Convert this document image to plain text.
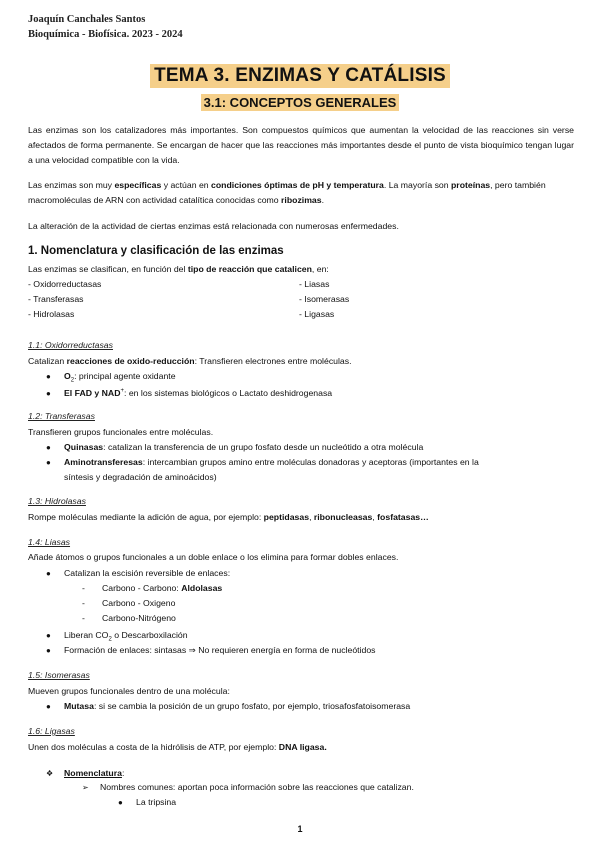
Joaquín Canchales Santos
Bioquímica - Biofísica. 2023 - 2024
TEMA 3. ENZIMAS Y CATÁLISIS
3.1: CONCEPTOS GENERALES
Las enzimas son los catalizadores más importantes. Son compuestos químicos que aumentan la velocidad de las reacciones sin verse afectados de forma permanente. Se encargan de hacer que las reacciones más importantes desde el punto de vista bioquímico tengan lugar a una velocidad compatible con la vida.
Las enzimas son muy específicas y actúan en condiciones óptimas de pH y temperatura. La mayoría son proteínas, pero también macromoléculas de ARN con actividad catalítica conocidas como ribozimas.
La alteración de la actividad de ciertas enzimas está relacionada con numerosas enfermedades.
1. Nomenclatura y clasificación de las enzimas
Las enzimas se clasifican, en función del tipo de reacción que catalicen, en:
- Oxidorreductasas
- Transferasas
- Hidrolasas
- Liasas
- Isomerasas
- Ligasas
1.1: Oxidorreductasas
Catalizan reacciones de oxido-reducción: Transfieren electrones entre moléculas.
● $O_2$: principal agente oxidante
● El FAD y NAD+: en los sistemas biológicos o Lactato deshidrogenasa
1.2: Transferasas
Transfieren grupos funcionales entre moléculas.
● Quinasas: catalizan la transferencia de un grupo fosfato desde un nucleótido a otra molécula
● Aminotransferesas: intercambian grupos amino entre moléculas donadoras y aceptoras (importantes en la
síntesis y degradación de aminoácidos)
1.3: Hidrolasas
Rompe moléculas mediante la adición de agua, por ejemplo: peptidasas, ribonucleasas, fosfatasas…
1.4: Liasas
Añade átomos o grupos funcionales a un doble enlace o los elimina para formar dobles enlaces.
● Catalizan la escisión reversible de enlaces:
- Carbono - Carbono: Aldolasas
- Carbono - Oxigeno
- Carbono-Nitrógeno
● Liberan $CO_2$ o Descarboxilación
● Formación de enlaces: sintasas ⇒ No requieren energía en forma de nucleótidos
1.5: Isomerasas
Mueven grupos funcionales dentro de una molécula:
● Mutasa: si se cambia la posición de un grupo fosfato, por ejemplo, triosafosfatoisomerasa
1.6: Ligasas
Unen dos moléculas a costa de la hidrólisis de ATP, por ejemplo: DNA ligasa.
❖ Nomenclatura:
➢ Nombres comunes: aportan poca información sobre las reacciones que catalizan.
● La tripsina
1
